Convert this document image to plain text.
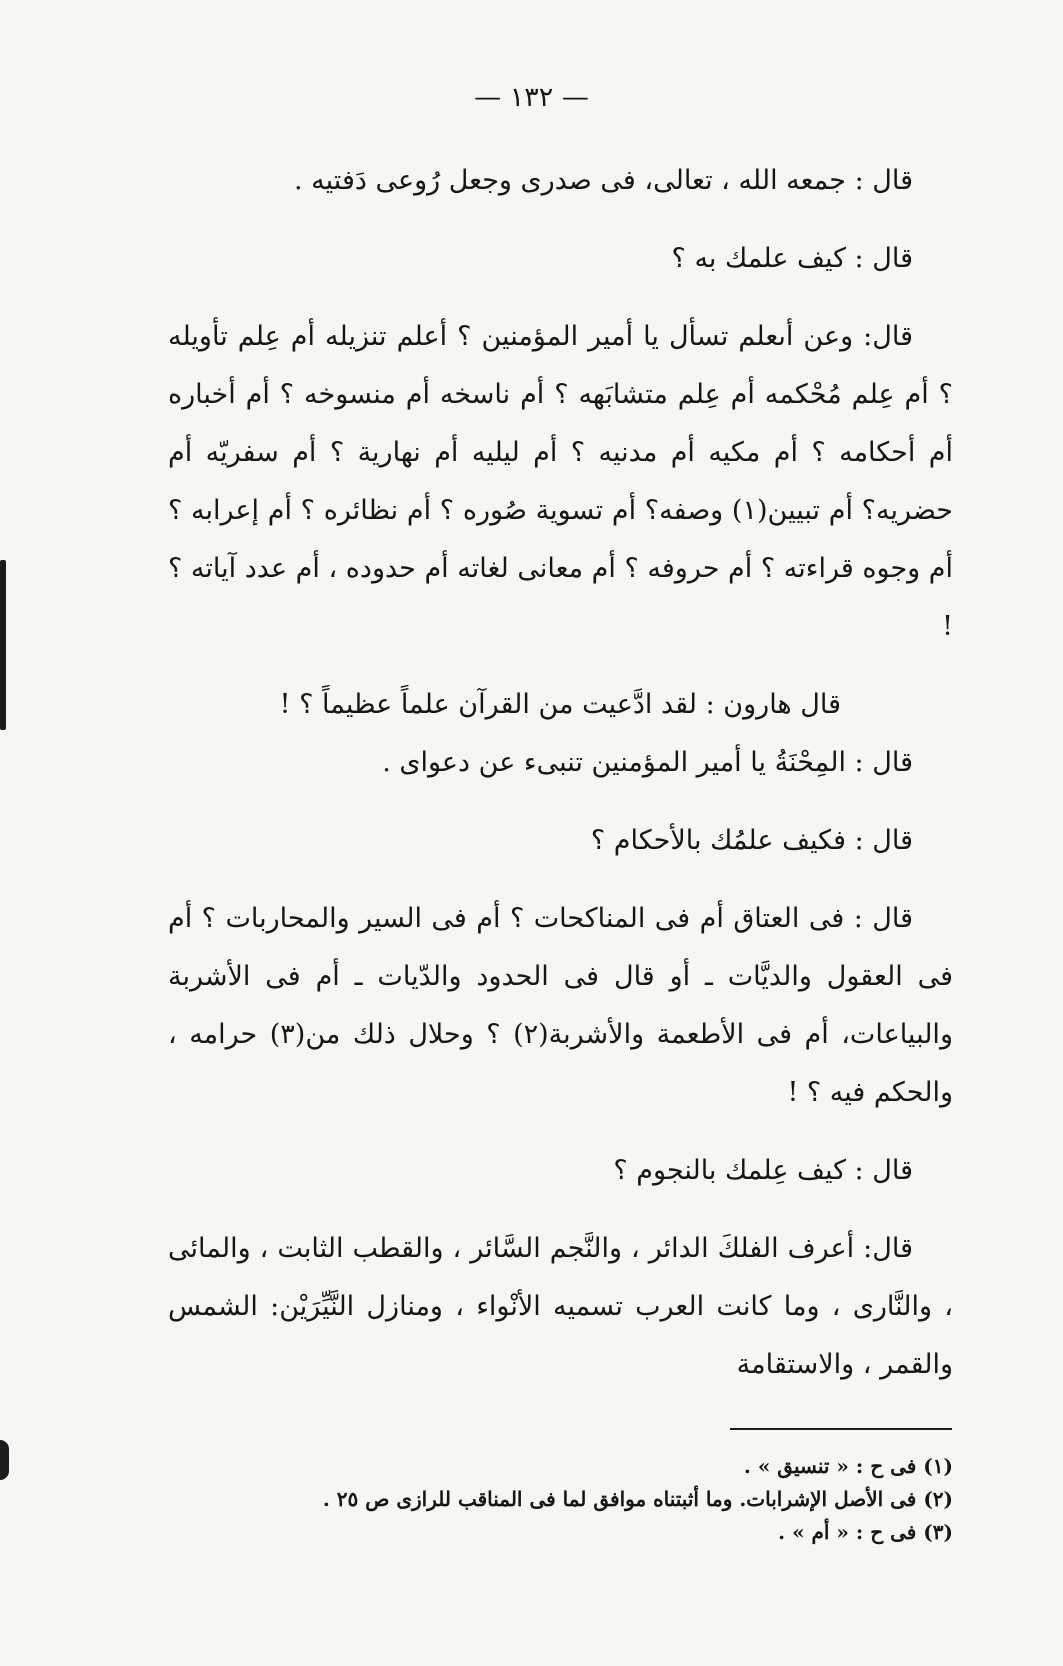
— ١٣٢ —

قال : جمعه الله ، تعالى، فى صدرى وجعل رُوعى دَفتيه .

قال : كيف علمك به ؟

قال: وعن أىعلم تسأل يا أمير المؤمنين ؟ أعلم تنزيله أم عِلم تأويله ؟ أم عِلم مُحْكمه أم عِلم متشابَهه ؟ أم ناسخه أم منسوخه ؟ أم أخباره أم أحكامه ؟ أم مكيه أم مدنيه ؟ أم ليليه أم نهارية ؟ أم سفريّه أم حضريه؟ أم تبيين(١) وصفه؟ أم تسوية صُوره ؟ أم نظائره ؟ أم إعرابه ؟ أم وجوه قراءته ؟ أم حروفه ؟ أم معانى لغاته أم حدوده ، أم عدد آياته ؟ !

قال هارون : لقد ادَّعيت من القرآن علماً عظيماً ؟ !

قال : المِحْنَةُ يا أمير المؤمنين تنبىء عن دعواى .

قال : فكيف علمُك بالأحكام ؟

قال : فى العتاق أم فى المناكحات ؟ أم فى السير والمحاربات ؟ أم فى العقول والديَّات ـ أو قال فى الحدود والدّيات ـ أم فى الأشربة والبياعات، أم فى الأطعمة والأشربة(٢) ؟ وحلال ذلك من(٣) حرامه ، والحكم فيه ؟ !

قال : كيف عِلمك بالنجوم ؟

قال: أعرف الفلكَ الدائر ، والنَّجم السَّائر ، والقطب الثابت ، والمائى ، والنَّارى ، وما كانت العرب تسميه الأنْواء ، ومنازل النَّيِّرَيْن: الشمس والقمر ، والاستقامة

(١) فى ح : « تنسيق » .
(٢) فى الأصل الإشرابات. وما أثبتناه موافق لما فى المناقب للرازى ص ٢٥ .
(٣) فى ح : « أم » .
